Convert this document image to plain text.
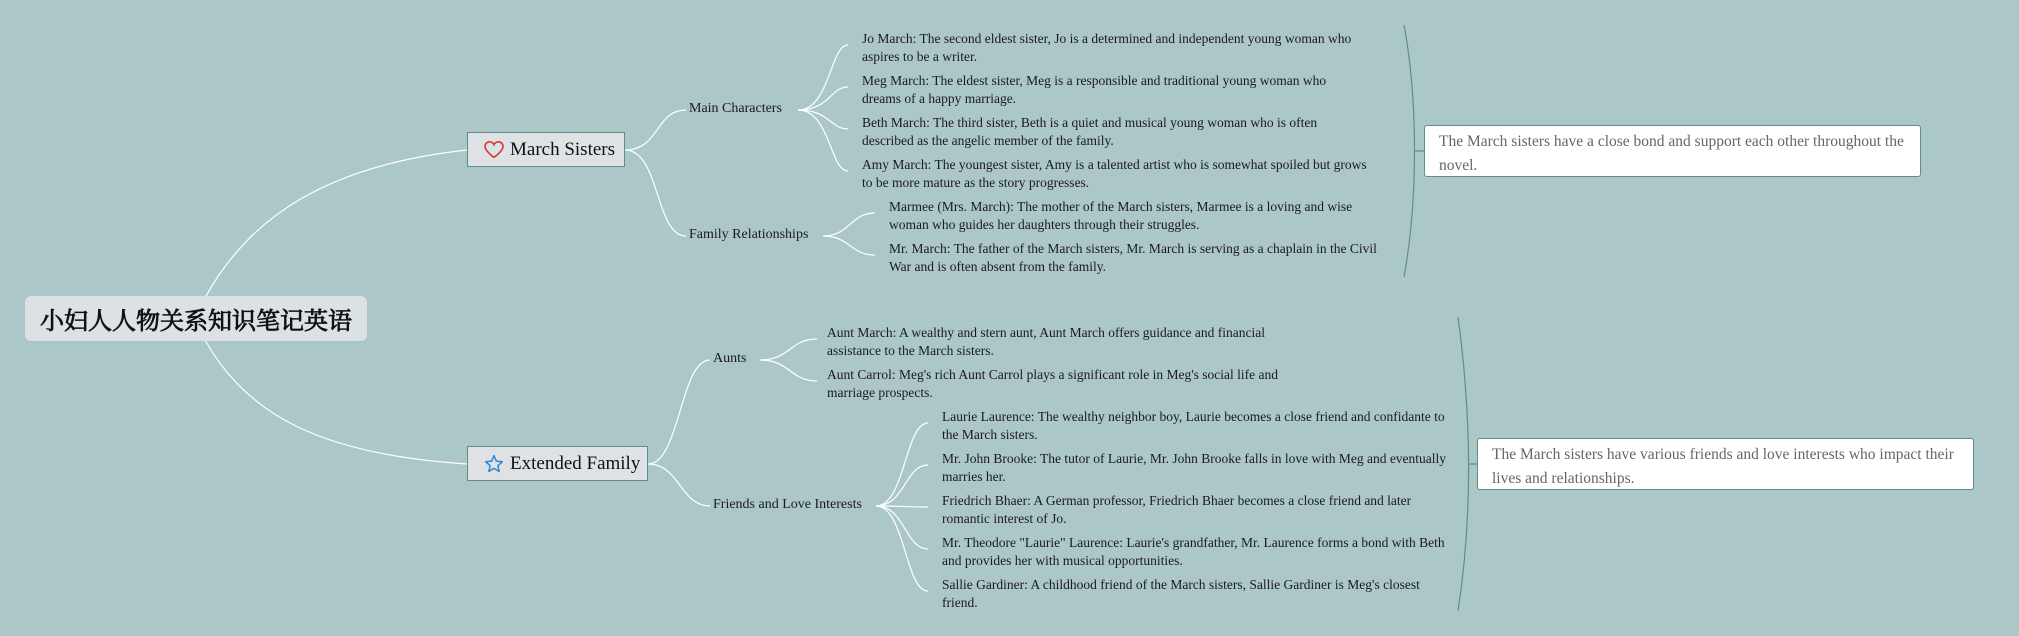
小妇人人物关系知识笔记英语
March Sisters
Extended Family
Main Characters
Family Relationships
Jo March: The second eldest sister, Jo is a determined and independent young woman who aspires to be a writer.
Meg March: The eldest sister, Meg is a responsible and traditional young woman who dreams of a happy marriage.
Beth March: The third sister, Beth is a quiet and musical young woman who is often described as the angelic member of the family.
Amy March: The youngest sister, Amy is a talented artist who is somewhat spoiled but grows to be more mature as the story progresses.
Marmee (Mrs. March): The mother of the March sisters, Marmee is a loving and wise woman who guides her daughters through their struggles.
Mr. March: The father of the March sisters, Mr. March is serving as a chaplain in the Civil War and is often absent from the family.
Aunts
Friends and Love Interests
Aunt March: A wealthy and stern aunt, Aunt March offers guidance and financial assistance to the March sisters.
Aunt Carrol: Meg's rich Aunt Carrol plays a significant role in Meg's social life and marriage prospects.
Laurie Laurence: The wealthy neighbor boy, Laurie becomes a close friend and confidante to the March sisters.
Mr. John Brooke: The tutor of Laurie, Mr. John Brooke falls in love with Meg and eventually marries her.
Friedrich Bhaer: A German professor, Friedrich Bhaer becomes a close friend and later romantic interest of Jo.
Mr. Theodore "Laurie" Laurence: Laurie's grandfather, Mr. Laurence forms a bond with Beth and provides her with musical opportunities.
Sallie Gardiner: A childhood friend of the March sisters, Sallie Gardiner is Meg's closest friend.
The March sisters have a close bond and support each other throughout the novel.
The March sisters have various friends and love interests who impact their lives and relationships.
